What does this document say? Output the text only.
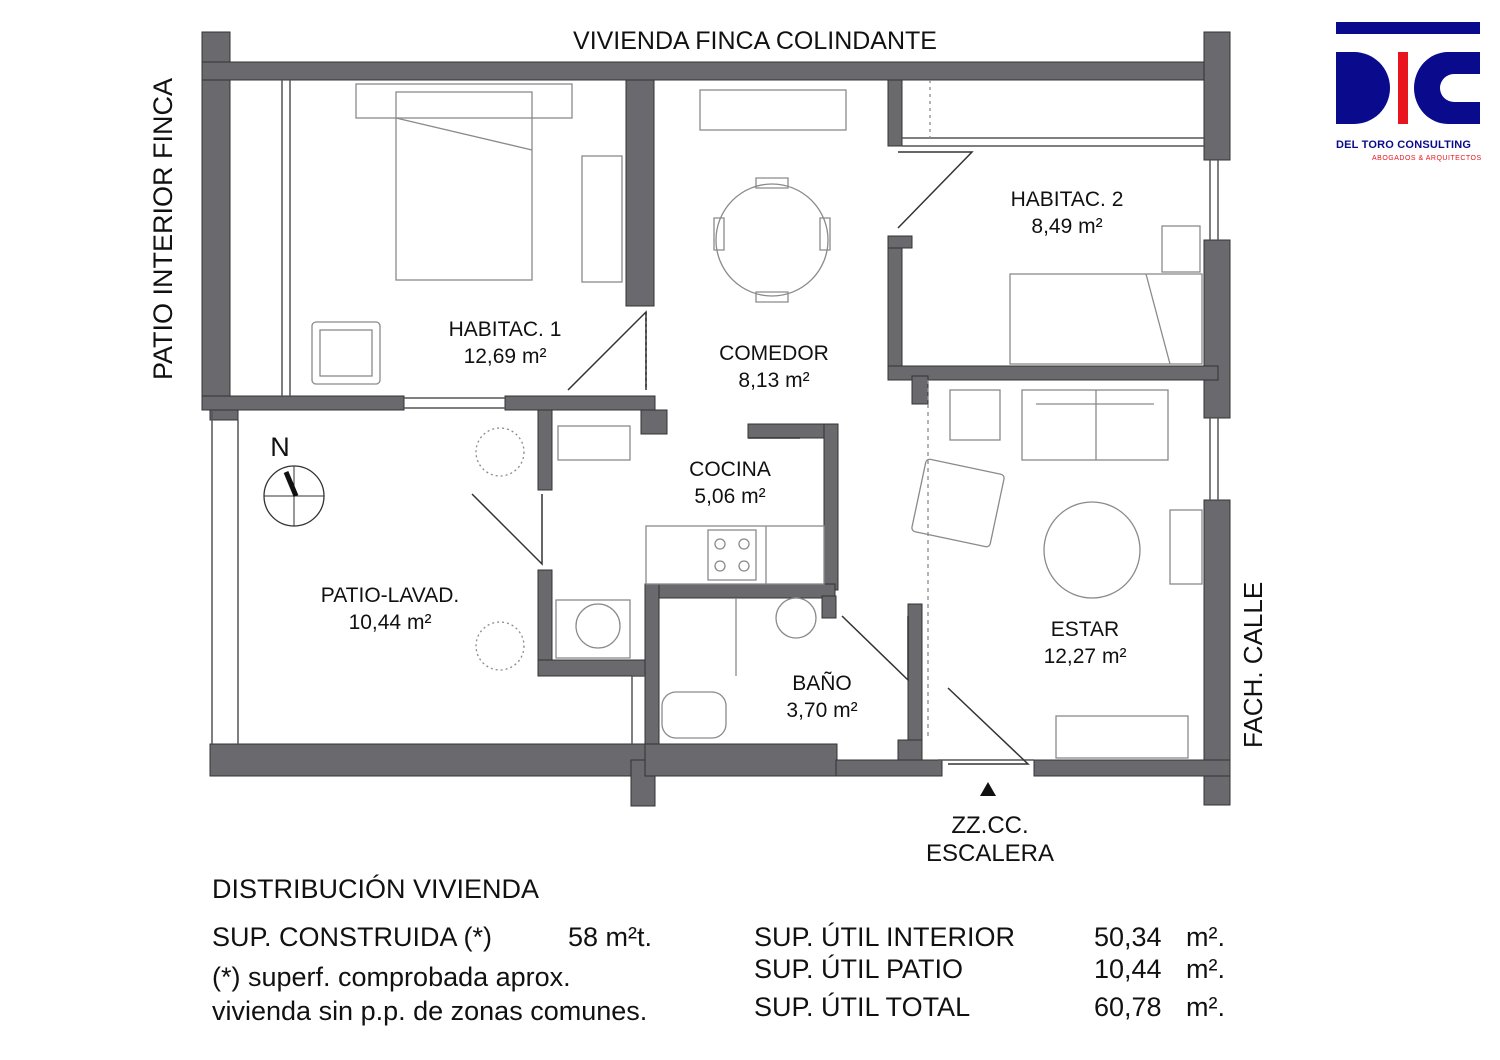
HABITAC. 1
12,69 m²	COMEDOR
8,13 m²
HABITAC. 2
8,49 m²
COCINA
5,06 m²
PATIO-LAVAD.
10,44 m²
BAÑO
3,70 m²
ESTAR
12,27 m²
VIVIENDA FINCA COLINDANTE
PATIO INTERIOR FINCA
FACH. CALLE
N
ZZ.CC.
ESCALERA
DISTRIBUCIÓN VIVIENDA
SUP. CONSTRUIDA (*)	58 m²t.
(*) superf. comprobada aprox.
vivienda sin p.p. de zonas comunes.
SUP. ÚTIL INTERIOR	50,34 m².
SUP. ÚTIL PATIO	10,44 m².
SUP. ÚTIL TOTAL	60,78 m².
DEL TORO CONSULTING
ABOGADOS & ARQUITECTOS
